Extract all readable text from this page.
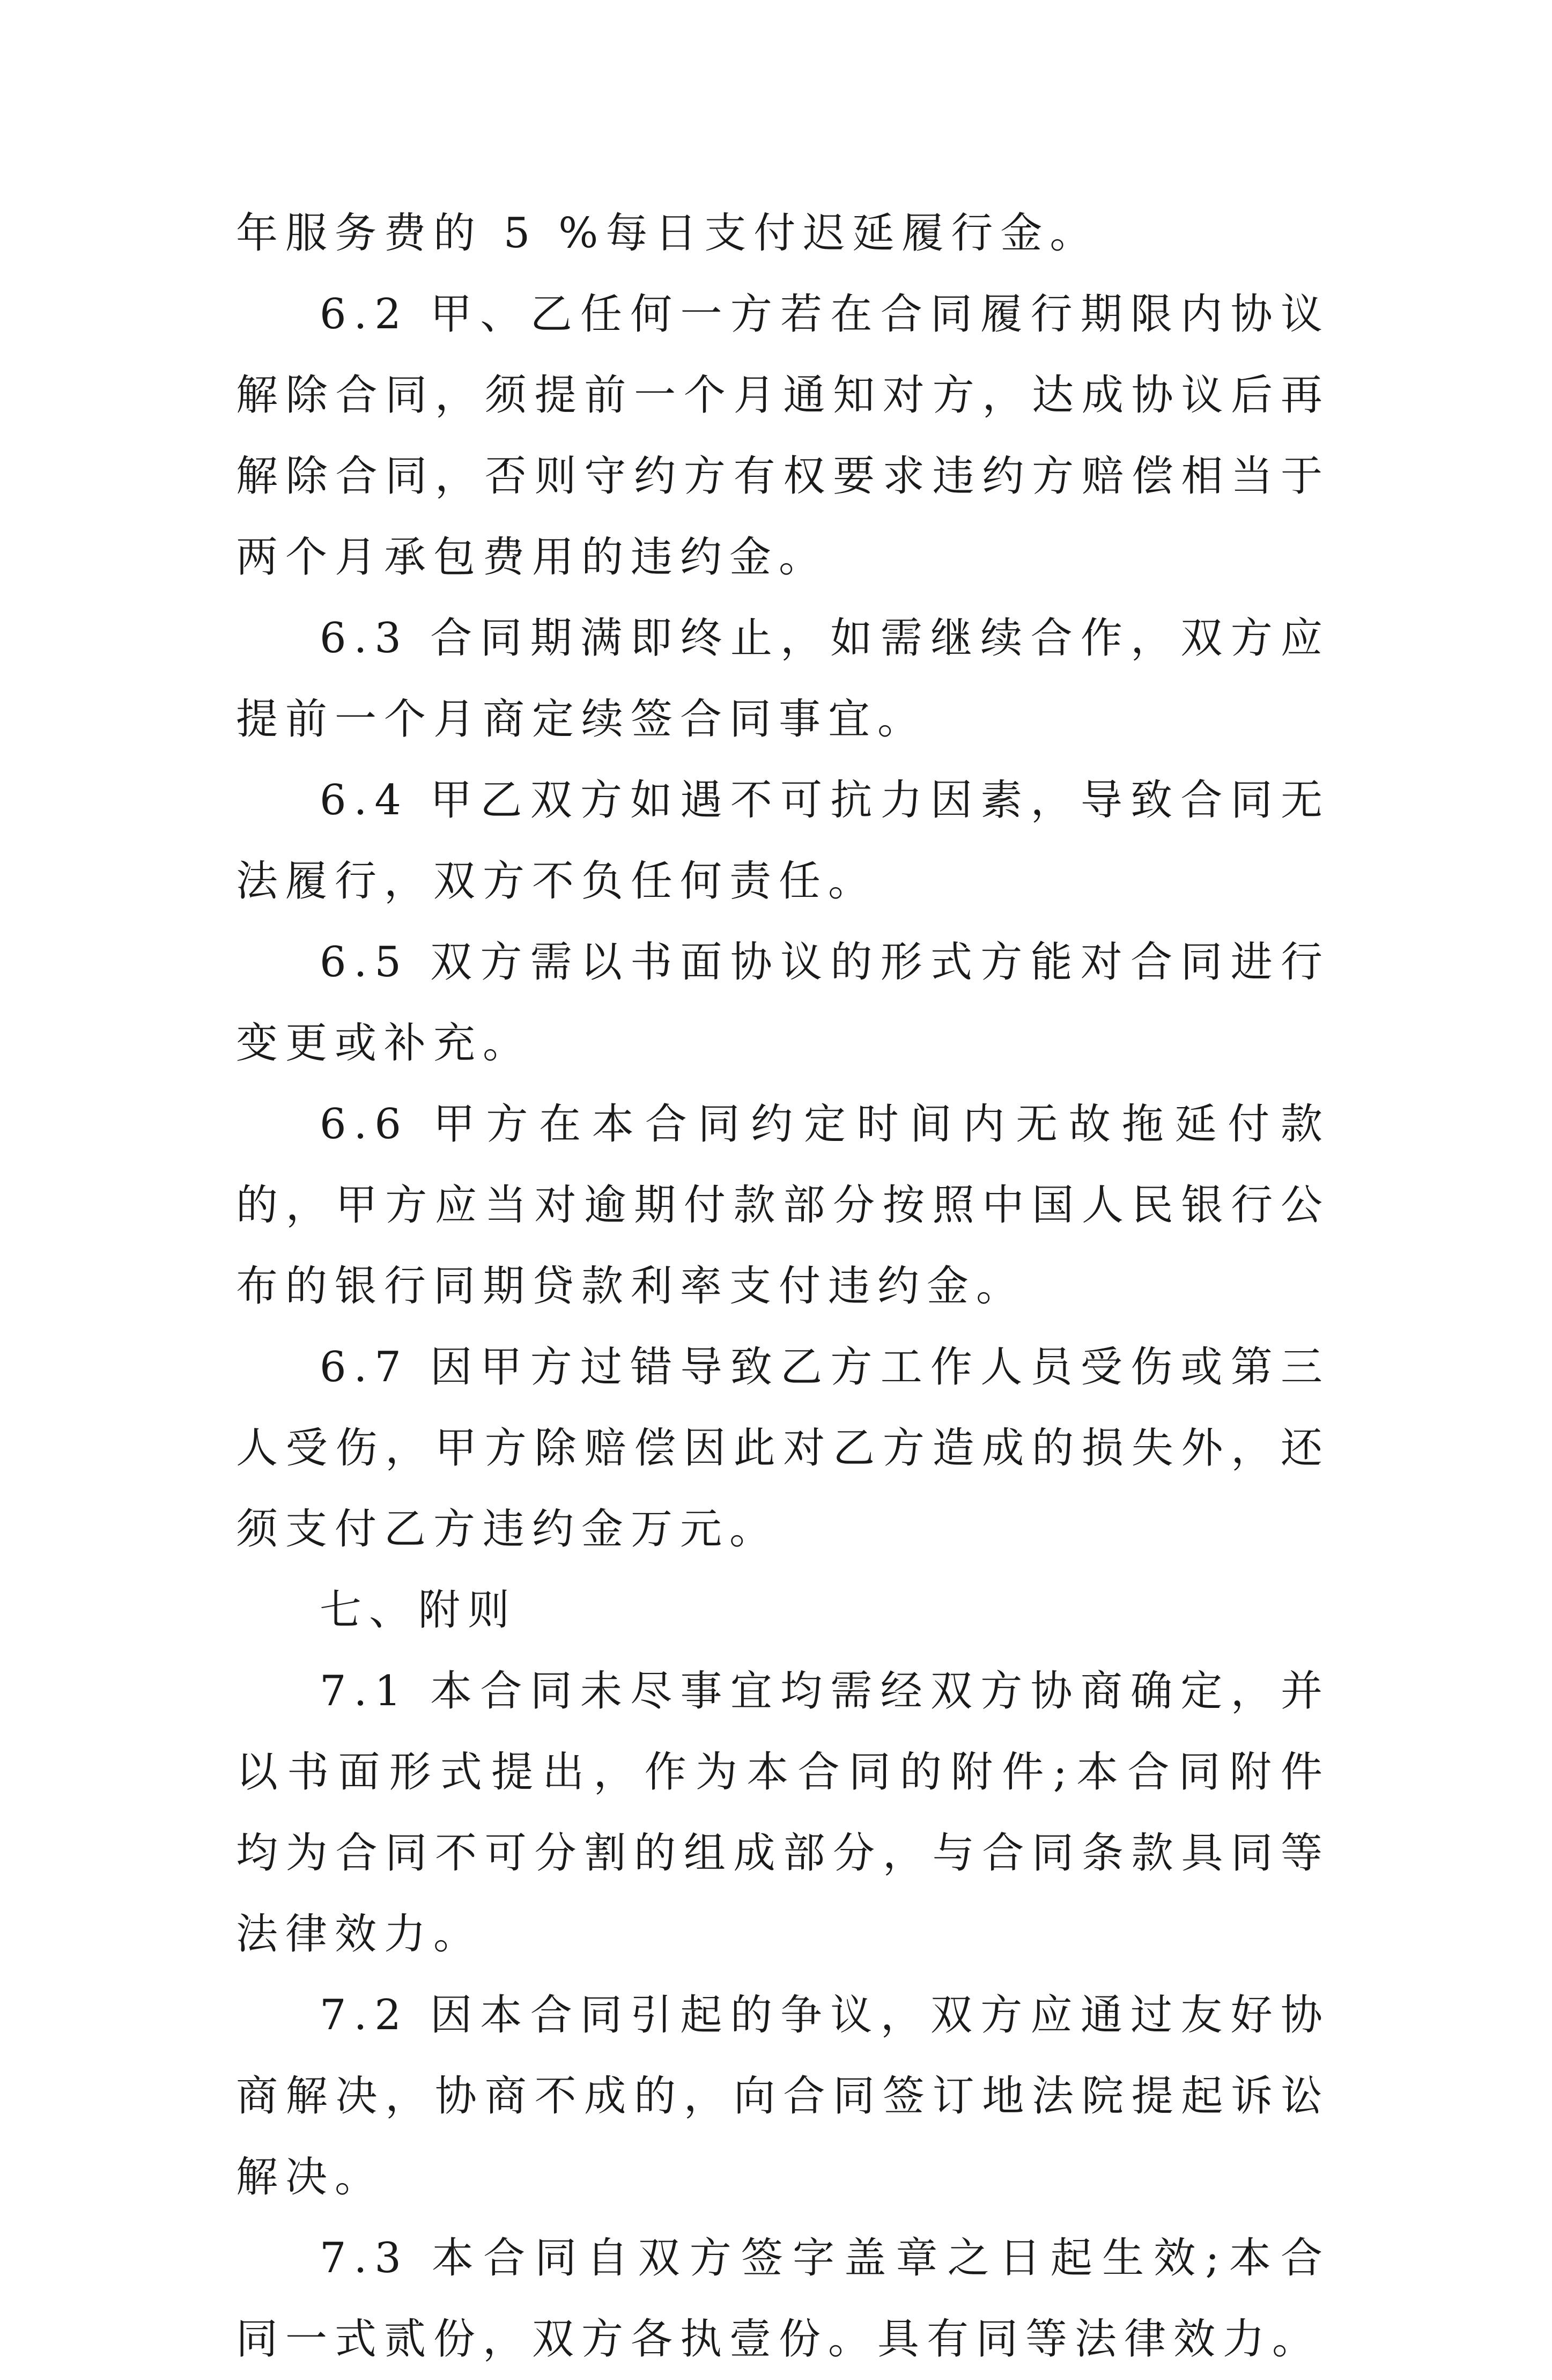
年服务费的 5 %每日支付迟延履行金。

6.2 甲、乙任何一方若在合同履行期限内协议解除合同，须提前一个月通知对方，达成协议后再解除合同，否则守约方有权要求违约方赔偿相当于两个月承包费用的违约金。

6.3 合同期满即终止，如需继续合作，双方应提前一个月商定续签合同事宜。

6.4 甲乙双方如遇不可抗力因素，导致合同无法履行，双方不负任何责任。

6.5 双方需以书面协议的形式方能对合同进行变更或补充。

6.6 甲方在本合同约定时间内无故拖延付款的，甲方应当对逾期付款部分按照中国人民银行公布的银行同期贷款利率支付违约金。

6.7 因甲方过错导致乙方工作人员受伤或第三人受伤，甲方除赔偿因此对乙方造成的损失外，还须支付乙方违约金万元。

七、附则

7.1 本合同未尽事宜均需经双方协商确定，并以书面形式提出，作为本合同的附件;本合同附件均为合同不可分割的组成部分，与合同条款具同等法律效力。

7.2 因本合同引起的争议，双方应通过友好协商解决，协商不成的，向合同签订地法院提起诉讼解决。

7.3 本合同自双方签字盖章之日起生效;本合同一式贰份，双方各执壹份。具有同等法律效力。
